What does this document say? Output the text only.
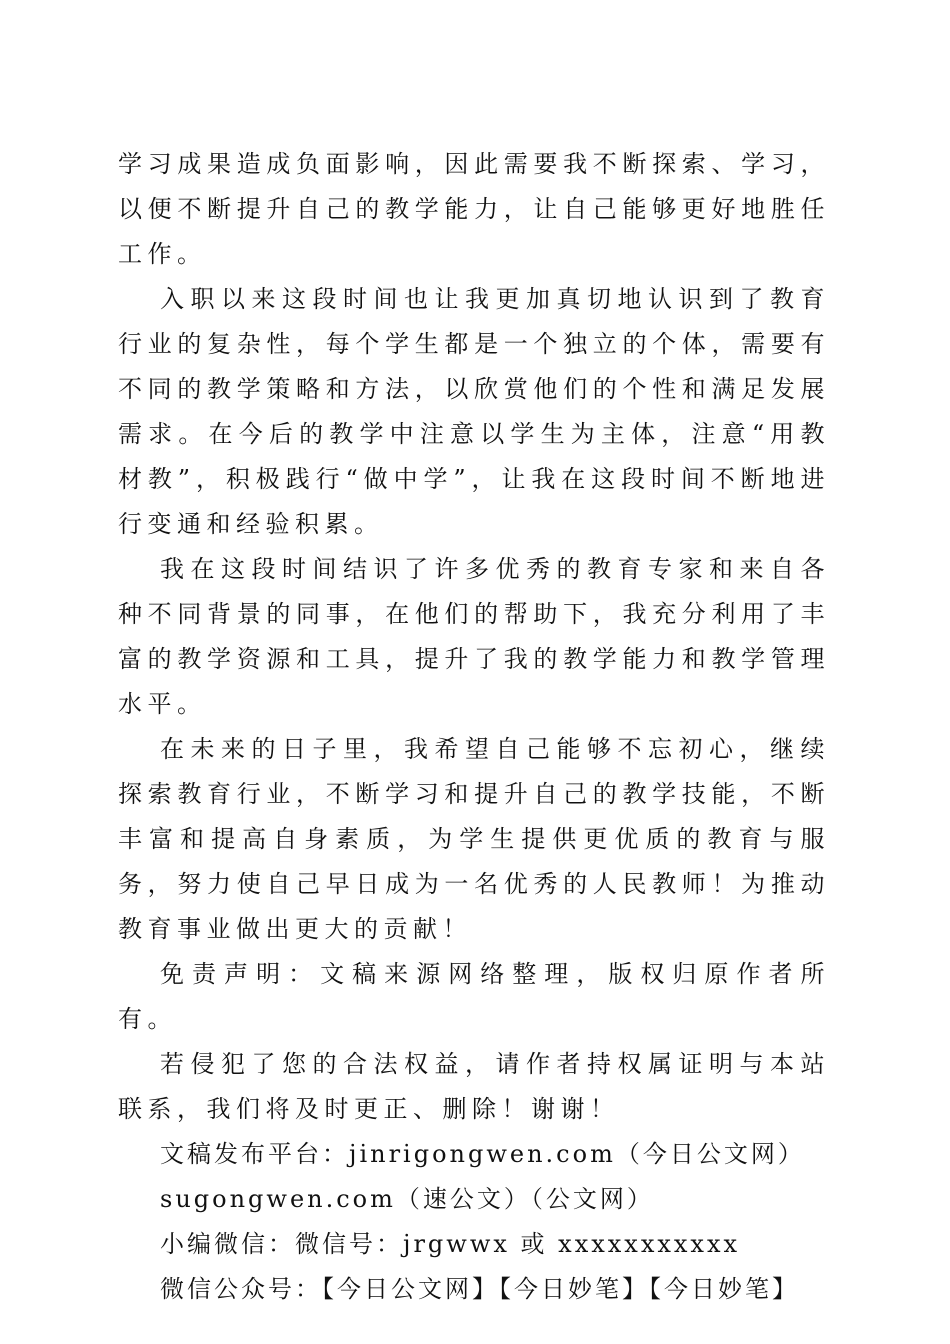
学习成果造成负面影响，因此需要我不断探索、学习，以便不断提升自己的教学能力，让自己能够更好地胜任工作。

入职以来这段时间也让我更加真切地认识到了教育行业的复杂性，每个学生都是一个独立的个体，需要有不同的教学策略和方法，以欣赏他们的个性和满足发展需求。在今后的教学中注意以学生为主体，注意“用教材教”，积极践行“做中学”，让我在这段时间不断地进行变通和经验积累。

我在这段时间结识了许多优秀的教育专家和来自各种不同背景的同事，在他们的帮助下，我充分利用了丰富的教学资源和工具，提升了我的教学能力和教学管理水平。

在未来的日子里，我希望自己能够不忘初心，继续探索教育行业，不断学习和提升自己的教学技能，不断丰富和提高自身素质，为学生提供更优质的教育与服务，努力使自己早日成为一名优秀的人民教师！为推动教育事业做出更大的贡献！

免责声明：文稿来源网络整理，版权归原作者所有。

若侵犯了您的合法权益，请作者持权属证明与本站联系，我们将及时更正、删除！谢谢！

文稿发布平台：jinrigongwen.com（今日公文网）
sugongwen.com（速公文）（公文网）
小编微信：微信号：jrgwwx 或 xxxxxxxxxxx
微信公众号：【今日公文网】【今日妙笔】【今日妙笔】
